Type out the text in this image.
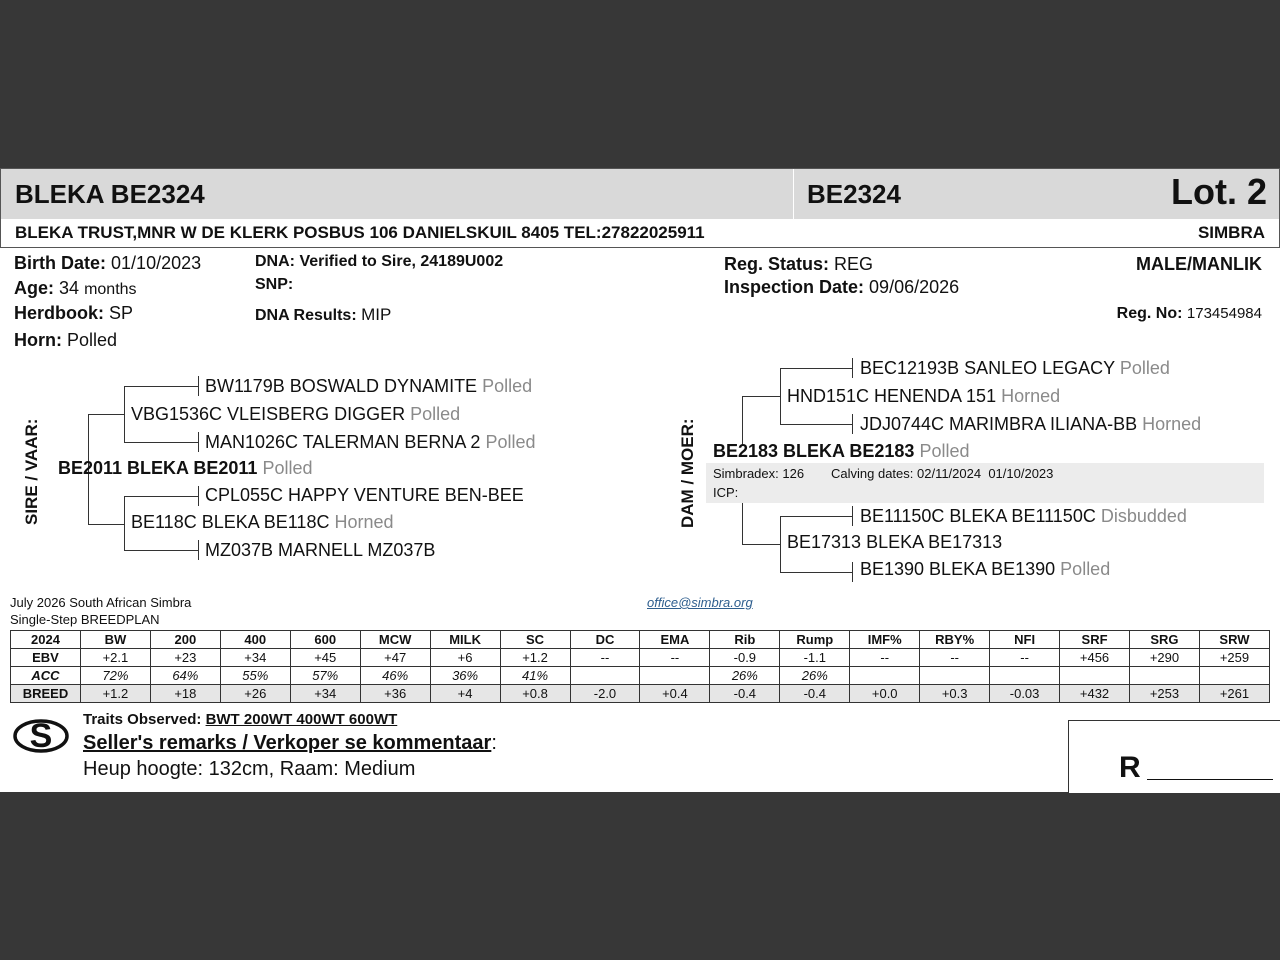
BLEKA BE2324	BE2324	Lot. 2
BLEKA TRUST,MNR W DE KLERK POSBUS 106 DANIELSKUIL 8405 TEL:27822025911	SIMBRA
Birth Date: 01/10/2023
Age: 34 months
Herdbook: SP
Horn: Polled
DNA: Verified to Sire, 24189U002
SNP:
DNA Results: MIP
Reg. Status: REG
Inspection Date: 09/06/2026
MALE/MANLIK
Reg. No: 173454984
SIRE / VAAR:
BW1179B BOSWALD DYNAMITE Polled
VBG1536C VLEISBERG DIGGER Polled
MAN1026C TALERMAN BERNA 2 Polled
BE2011 BLEKA BE2011 Polled
CPL055C HAPPY VENTURE BEN-BEE
BE118C BLEKA BE118C Horned
MZ037B MARNELL MZ037B
DAM / MOER:
BEC12193B SANLEO LEGACY Polled
HND151C HENENDA 151 Horned
JDJ0744C MARIMBRA ILIANA-BB Horned
BE2183 BLEKA BE2183 Polled
Simbradex: 126 Calving dates: 02/11/2024  01/10/2023
ICP:
BE11150C BLEKA BE11150C Disbudded
BE17313 BLEKA BE17313
BE1390 BLEKA BE1390 Polled
July 2026 South African Simbra
Single-Step BREEDPLAN
office@simbra.org
2024	BW	200	400	600	MCW	MILK	SC	DC	EMA	Rib	Rump	IMF%	RBY%	NFI	SRF	SRG	SRW
EBV	+2.1	+23	+34	+45	+47	+6	+1.2	--	--	-0.9	-1.1	--	--	--	+456	+290	+259
ACC	72%	64%	55%	57%	46%	36%	41%			26%	26%						
BREED	+1.2	+18	+26	+34	+36	+4	+0.8	-2.0	+0.4	-0.4	-0.4	+0.0	+0.3	-0.03	+432	+253	+261
S Traits Observed: BWT 200WT 400WT 600WT
Seller's remarks / Verkoper se kommentaar:
Heup hoogte: 132cm, Raam: Medium	R
